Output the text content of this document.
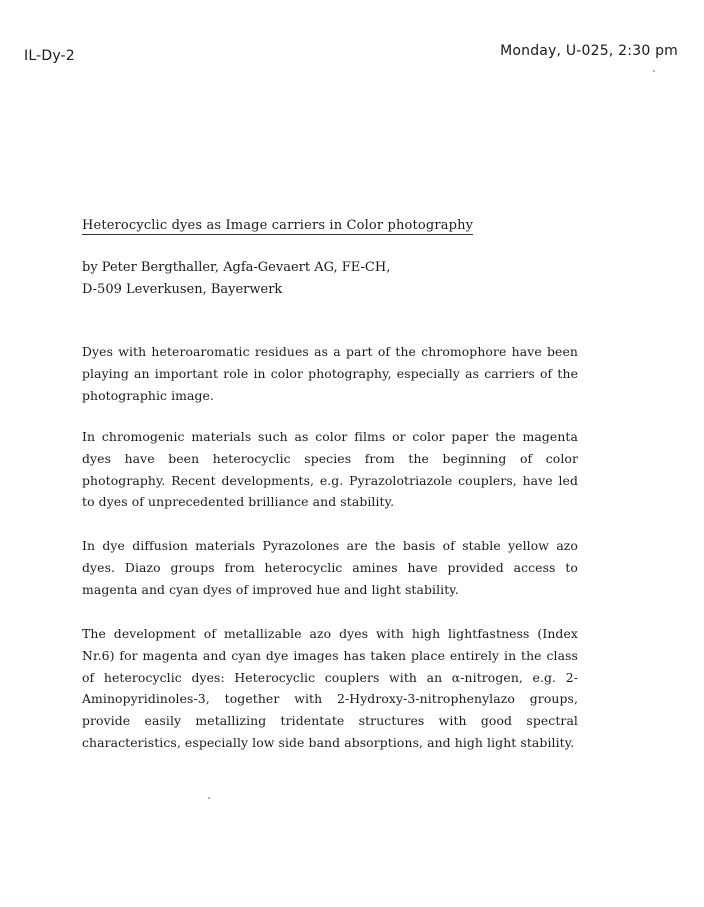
IL-Dy-2	Monday, U-025, 2:30 pm
Heterocyclic dyes as Image carriers in Color photography
by Peter Bergthaller, Agfa-Gevaert AG, FE-CH,
D-509 Leverkusen, Bayerwerk
Dyes with heteroaromatic residues as a part of the chromophore have been playing an important role in color photography, especially as carriers of the photographic image.
In chromogenic materials such as color films or color paper the magenta dyes have been heterocyclic species from the beginning of color photography. Recent developments, e.g. Pyrazolotriazole couplers, have led to dyes of unprecedented brilliance and stability.
In dye diffusion materials Pyrazolones are the basis of stable yellow azo dyes. Diazo groups from heterocyclic amines have provided access to magenta and cyan dyes of improved hue and light stability.
The development of metallizable azo dyes with high lightfastness (Index Nr.6) for magenta and cyan dye images has taken place entirely in the class of heterocyclic dyes: Heterocyclic couplers with an α-nitrogen, e.g. 2-Aminopyridinoles-3, together with 2-Hydroxy-3-nitrophenylazo groups, provide easily metallizing tridentate structures with good spectral characteristics, especially low side band absorptions, and high light stability.
